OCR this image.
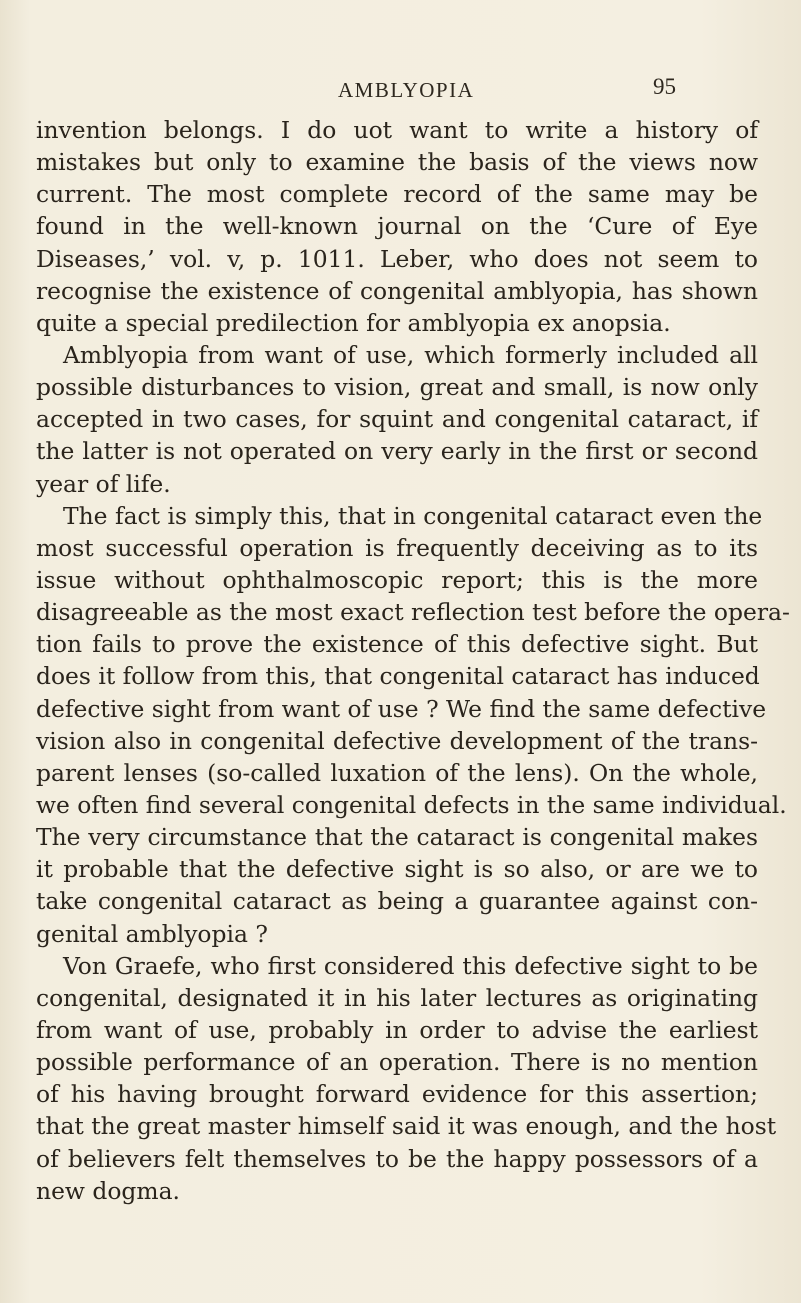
AMBLYOPIA	95
invention belongs. I do uot want to write a history of
mistakes but only to examine the basis of the views now
current. The most complete record of the same may be
found in the well-known journal on the ‘Cure of Eye
Diseases,’ vol. v, p. 1011. Leber, who does not seem to
recognise the existence of congenital amblyopia, has shown
quite a special predilection for amblyopia ex anopsia.
Amblyopia from want of use, which formerly included all
possible disturbances to vision, great and small, is now only
accepted in two cases, for squint and congenital cataract, if
the latter is not operated on very early in the first or second
year of life.
The fact is simply this, that in congenital cataract even the
most successful operation is frequently deceiving as to its
issue without ophthalmoscopic report; this is the more
disagreeable as the most exact reflection test before the opera-
tion fails to prove the existence of this defective sight. But
does it follow from this, that congenital cataract has induced
defective sight from want of use ? We find the same defective
vision also in congenital defective development of the trans-
parent lenses (so-called luxation of the lens). On the whole,
we often find several congenital defects in the same individual.
The very circumstance that the cataract is congenital makes
it probable that the defective sight is so also, or are we to
take congenital cataract as being a guarantee against con-
genital amblyopia ?
Von Graefe, who first considered this defective sight to be
congenital, designated it in his later lectures as originating
from want of use, probably in order to advise the earliest
possible performance of an operation. There is no mention
of his having brought forward evidence for this assertion;
that the great master himself said it was enough, and the host
of believers felt themselves to be the happy possessors of a
new dogma.
